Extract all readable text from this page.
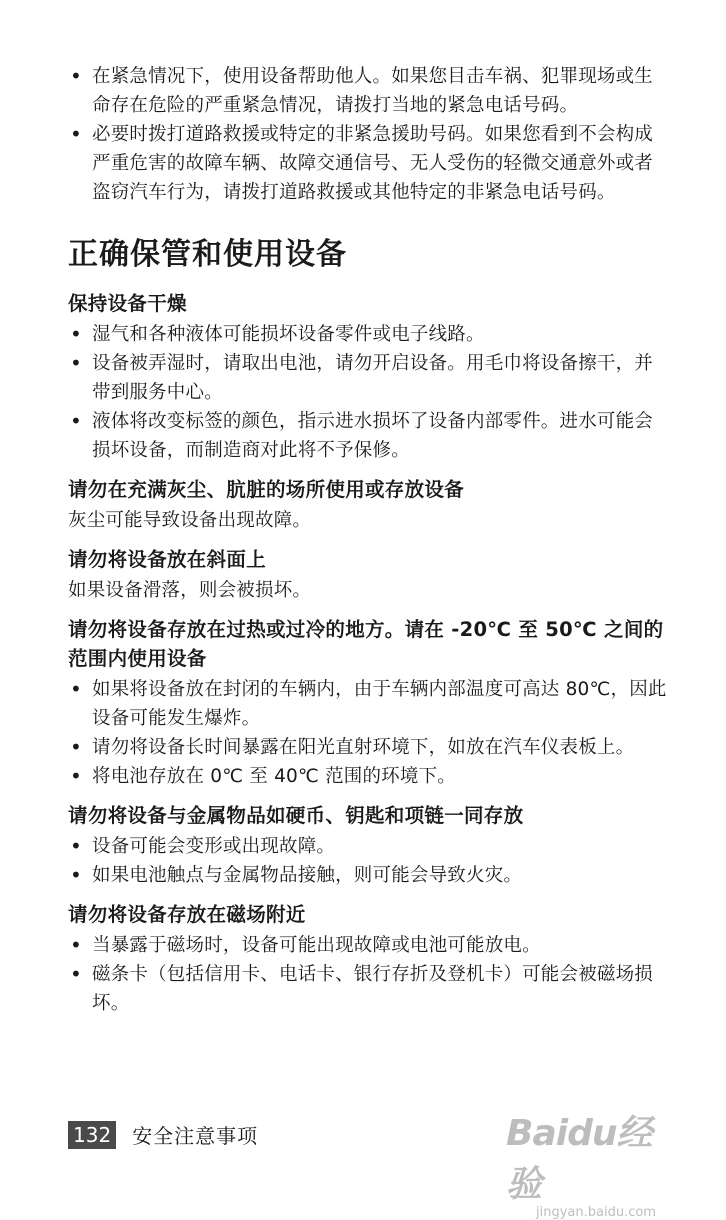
• 在紧急情况下，使用设备帮助他人。如果您目击车祸、犯罪现场或生命存在危险的严重紧急情况，请拨打当地的紧急电话号码。
• 必要时拨打道路救援或特定的非紧急援助号码。如果您看到不会构成严重危害的故障车辆、故障交通信号、无人受伤的轻微交通意外或者盗窃汽车行为，请拨打道路救援或其他特定的非紧急电话号码。
正确保管和使用设备
保持设备干燥
• 湿气和各种液体可能损坏设备零件或电子线路。
• 设备被弄湿时，请取出电池，请勿开启设备。用毛巾将设备擦干，并带到服务中心。
• 液体将改变标签的颜色，指示进水损坏了设备内部零件。进水可能会损坏设备，而制造商对此将不予保修。
请勿在充满灰尘、肮脏的场所使用或存放设备

灰尘可能导致设备出现故障。

请勿将设备放在斜面上

如果设备滑落，则会被损坏。

请勿将设备存放在过热或过冷的地方。请在 -20℃ 至 50℃ 之间的范围内使用设备
• 如果将设备放在封闭的车辆内，由于车辆内部温度可高达 80℃，因此设备可能发生爆炸。
• 请勿将设备长时间暴露在阳光直射环境下，如放在汽车仪表板上。
• 将电池存放在 0℃ 至 40℃ 范围的环境下。
请勿将设备与金属物品如硬币、钥匙和项链一同存放
• 设备可能会变形或出现故障。
• 如果电池触点与金属物品接触，则可能会导致火灾。
请勿将设备存放在磁场附近
• 当暴露于磁场时，设备可能出现故障或电池可能放电。
• 磁条卡（包括信用卡、电话卡、银行存折及登机卡）可能会被磁场损坏。
132 安全注意事项	Baidu经验
jingyan.baidu.com
